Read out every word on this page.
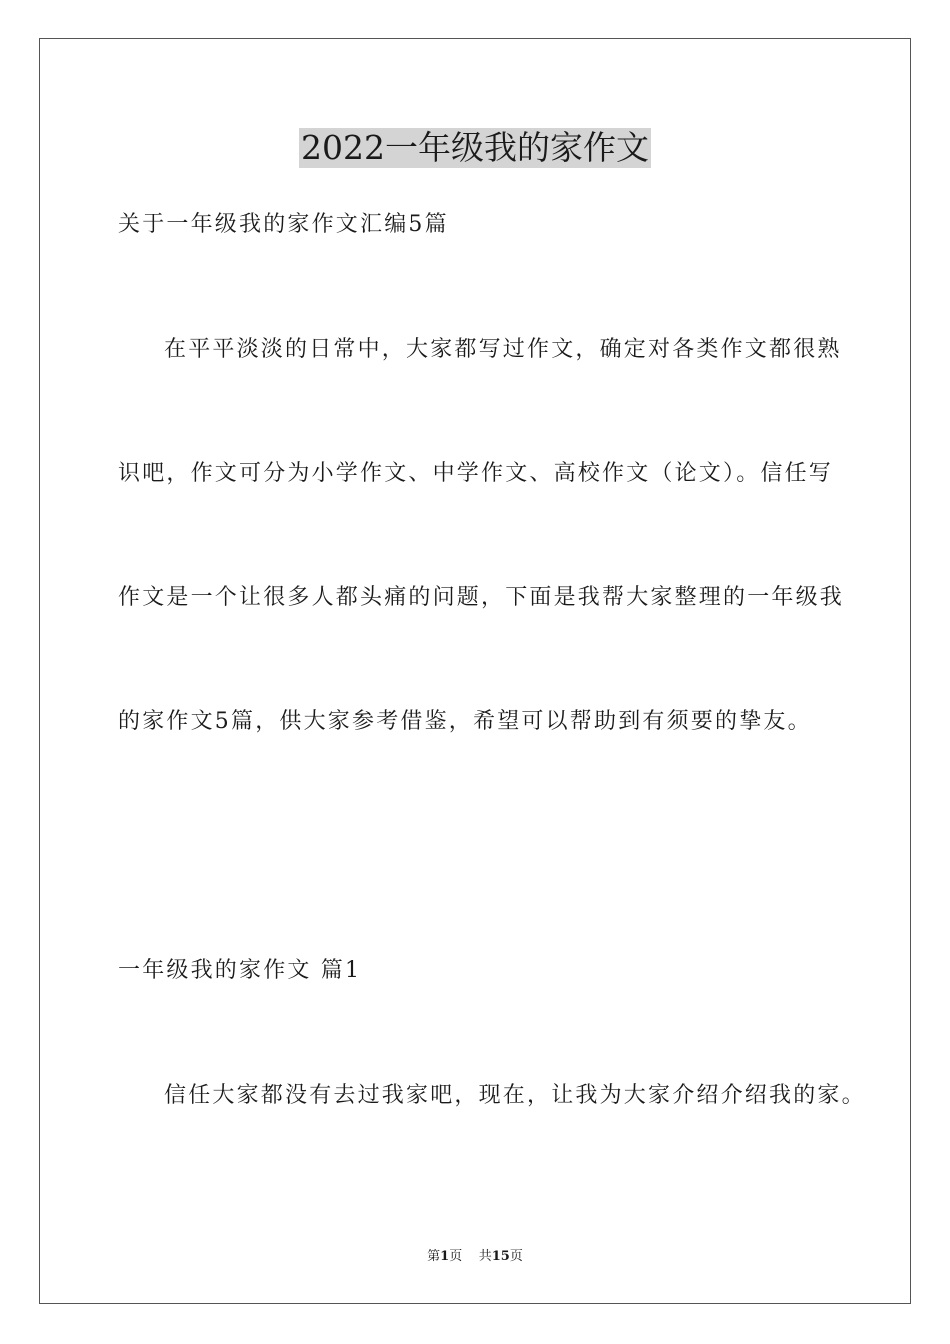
2022一年级我的家作文
关于一年级我的家作文汇编5篇
在平平淡淡的日常中，大家都写过作文，确定对各类作文都很熟
识吧，作文可分为小学作文、中学作文、高校作文（论文）。信任写
作文是一个让很多人都头痛的问题，下面是我帮大家整理的一年级我
的家作文5篇，供大家参考借鉴，希望可以帮助到有须要的挚友。
一年级我的家作文 篇1
信任大家都没有去过我家吧，现在，让我为大家介绍介绍我的家。
第1页 共15页
